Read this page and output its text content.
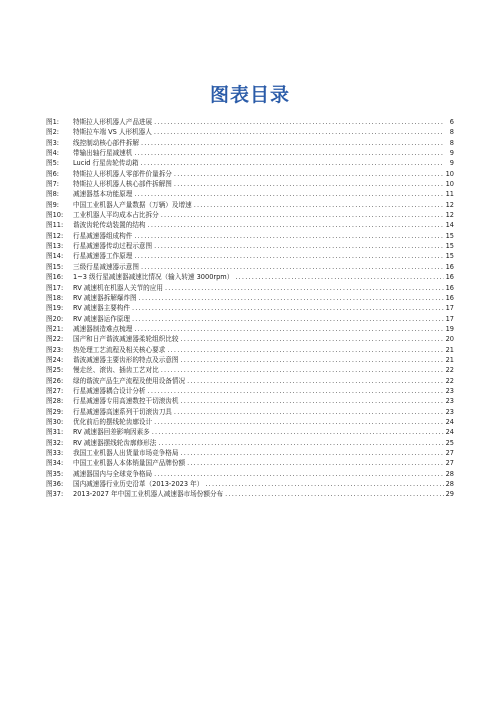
图表目录
图1:	特斯拉人形机器人产品进展 .....	6
图2:	特斯拉车端 VS 人形机器人 .....	8
图3:	线控制动核心部件拆解 .....	8
图4:	带输出轴行星减速机 .....	9
图5:	Lucid 行星齿轮传动箱 .....	9
图6:	特斯拉人形机器人零部件价量拆分 .....	10
图7:	特斯拉人形机器人核心部件拆解图 .....	10
图8:	减速器基本功能原理 .....	11
图9:	中国工业机器人产量数据（万辆）及增速 .....	12
图10:	工业机器人平均成本占比拆分 .....	12
图11:	谐波齿轮传动装置的结构 .....	14
图12:	行星减速器组成构件 .....	15
图13:	行星减速器传动过程示意图 .....	15
图14:	行星减速器工作原理 .....	15
图15:	三级行星减速器示意图 .....	16
图16:	1~3 级行星减速器减速比情况（输入转速 3000rpm） .....	16
图17:	RV 减速机在机器人关节的应用 .....	16
图18:	RV 减速器拆解爆炸图 .....	16
图19:	RV 减速器主要构件 .....	17
图20:	RV 减速器运作原理 .....	17
图21:	减速器制造难点梳理 .....	19
图22:	国产和日产谐波减速器柔轮组织比较 .....	20
图23:	热处理工艺流程及相关核心要求 .....	21
图24:	谐波减速器主要齿形的特点及示意图 .....	21
图25:	慢走丝、滚齿、插齿工艺对比 .....	22
图26:	绿的谐波产品生产流程及使用设备情况 .....	22
图27:	行星减速器耦合设计分析 .....	23
图28:	行星减速器专用高速数控干切滚齿机 .....	23
图29:	行星减速器高速系列干切滚齿刀具 .....	23
图30:	优化前后的摆线轮齿廓设计 .....	24
图31:	RV 减速器回差影响因素多 .....	24
图32:	RV 减速器摆线轮齿廓修形法 .....	25
图33:	我国工业机器人出货量市场竞争格局 .....	27
图34:	中国工业机器人本体销量国产品牌份额 .....	27
图35:	减速器国内与全球竞争格局 .....	28
图36:	国内减速器行业历史沿革（2013-2023 年） .....	28
图37:	2013-2027 年中国工业机器人减速器市场份额分布 .....	29
